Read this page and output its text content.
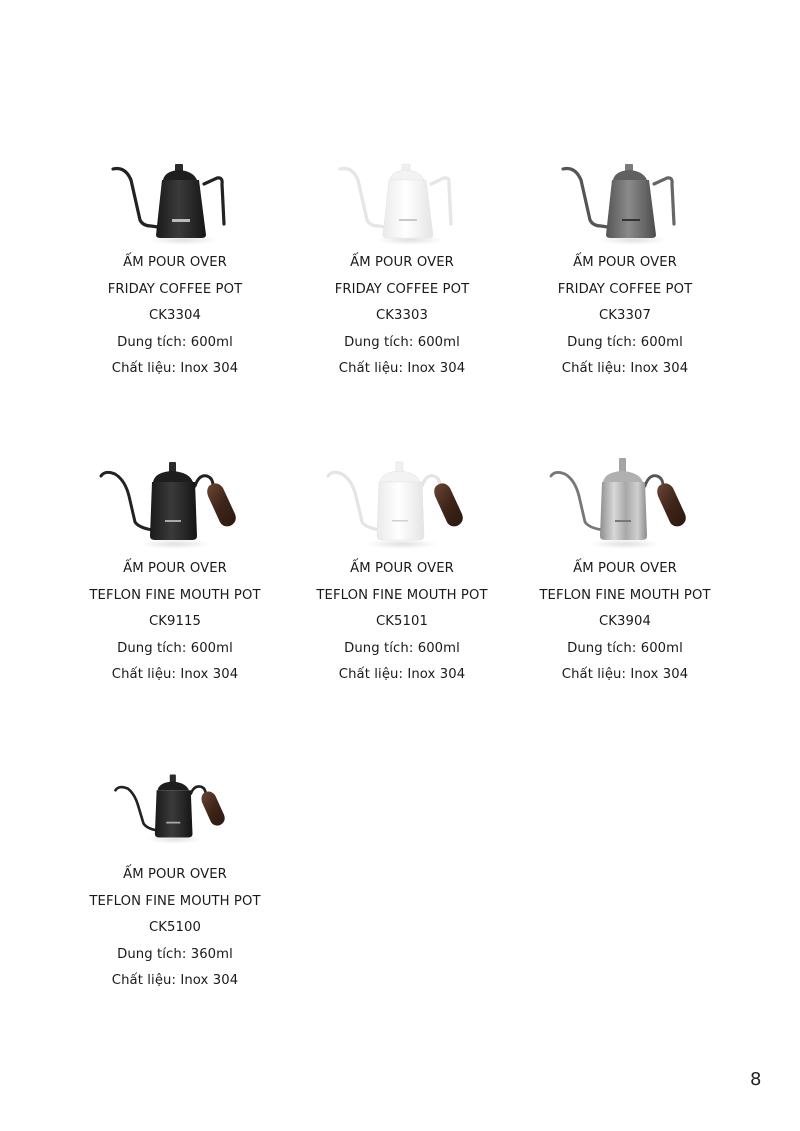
ẤM POUR OVER
FRIDAY COFFEE POT
CK3304
Dung tích: 600ml
Chất liệu: Inox 304
ẤM POUR OVER
FRIDAY COFFEE POT
CK3303
Dung tích: 600ml
Chất liệu: Inox 304
ẤM POUR OVER
FRIDAY COFFEE POT
CK3307
Dung tích: 600ml
Chất liệu: Inox 304
ẤM POUR OVER
TEFLON FINE MOUTH POT
CK9115
Dung tích: 600ml
Chất liệu: Inox 304
ẤM POUR OVER
TEFLON FINE MOUTH POT
CK5101
Dung tích: 600ml
Chất liệu: Inox 304
ẤM POUR OVER
TEFLON FINE MOUTH POT
CK3904
Dung tích: 600ml
Chất liệu: Inox 304
ẤM POUR OVER
TEFLON FINE MOUTH POT
CK5100
Dung tích: 360ml
Chất liệu: Inox 304
8
